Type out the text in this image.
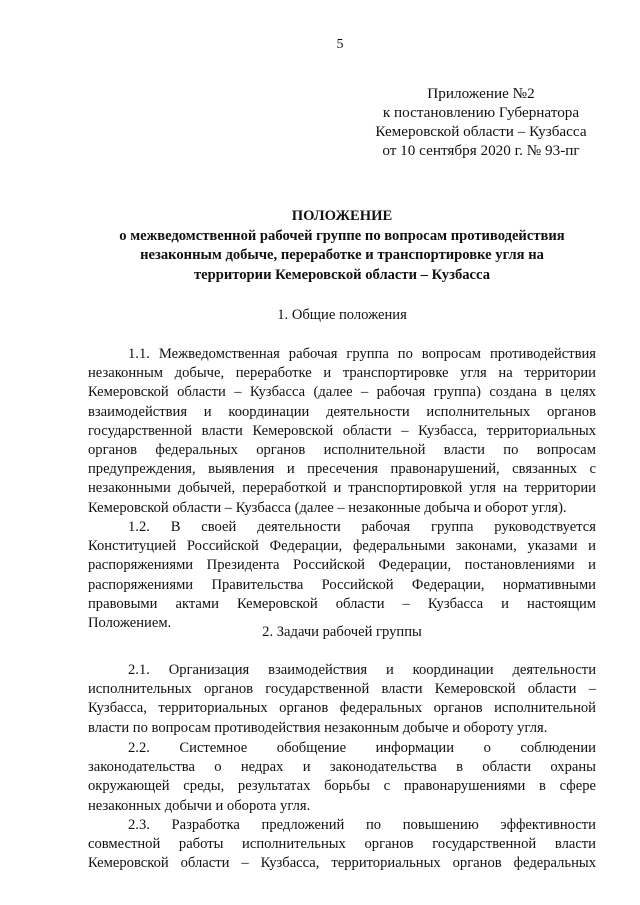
5
Приложение №2
к постановлению Губернатора
Кемеровской области – Кузбасса
от 10 сентября 2020 г. № 93-пг
ПОЛОЖЕНИЕ
о межведомственной рабочей группе по вопросам противодействия
незаконным добыче, переработке и транспортировке угля на
территории Кемеровской области – Кузбасса
1. Общие положения
1.1. Межведомственная рабочая группа по вопросам противодействия
незаконным добыче, переработке и транспортировке угля на территории
Кемеровской области – Кузбасса (далее – рабочая группа) создана в целях
взаимодействия и координации деятельности исполнительных органов
государственной власти Кемеровской области – Кузбасса, территориальных
органов федеральных органов исполнительной власти по вопросам
предупреждения, выявления и пресечения правонарушений, связанных с
незаконными добычей, переработкой и транспортировкой угля на территории
Кемеровской области – Кузбасса (далее – незаконные добыча и оборот угля).
1.2. В своей деятельности рабочая группа руководствуется
Конституцией Российской Федерации, федеральными законами, указами и
распоряжениями Президента Российской Федерации, постановлениями и
распоряжениями Правительства Российской Федерации, нормативными
правовыми актами Кемеровской области – Кузбасса и настоящим
Положением.
2. Задачи рабочей группы
2.1. Организация взаимодействия и координации деятельности
исполнительных органов государственной власти Кемеровской области –
Кузбасса, территориальных органов федеральных органов исполнительной
власти по вопросам противодействия незаконным добыче и обороту угля.
2.2. Системное обобщение информации о соблюдении
законодательства о недрах и законодательства в области охраны
окружающей среды, результатах борьбы с правонарушениями в сфере
незаконных добычи и оборота угля.
2.3. Разработка предложений по повышению эффективности
совместной работы исполнительных органов государственной власти
Кемеровской области – Кузбасса, территориальных органов федеральных
